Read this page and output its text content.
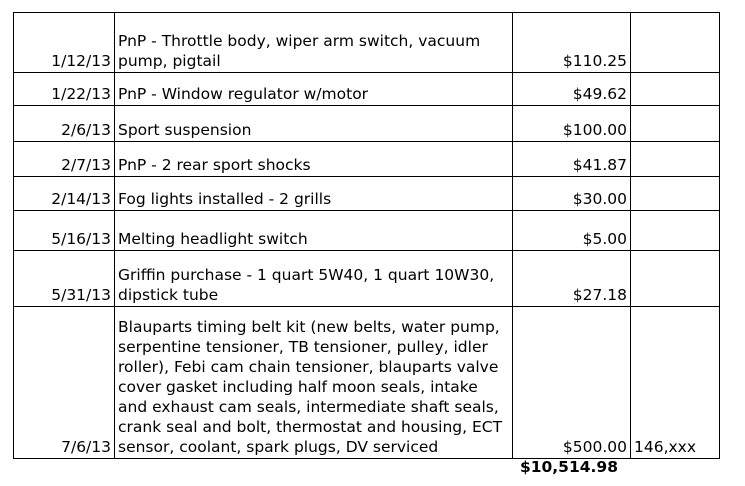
1/12/13	PnP - Throttle body, wiper arm switch, vacuum pump, pigtail	$110.25	
1/22/13	PnP - Window regulator w/motor	$49.62	
2/6/13	Sport suspension	$100.00	
2/7/13	PnP - 2 rear sport shocks	$41.87	
2/14/13	Fog lights installed - 2 grills	$30.00	
5/16/13	Melting headlight switch	$5.00	
5/31/13	Griffin purchase - 1 quart 5W40, 1 quart 10W30, dipstick tube	$27.18	
7/6/13	Blauparts timing belt kit (new belts, water pump, serpentine tensioner, TB tensioner, pulley, idler roller), Febi cam chain tensioner, blauparts valve cover gasket including half moon seals, intake and exhaust cam seals, intermediate shaft seals, crank seal and bolt, thermostat and housing, ECT sensor, coolant, spark plugs, DV serviced	$500.00	146,xxx
$10,514.98
